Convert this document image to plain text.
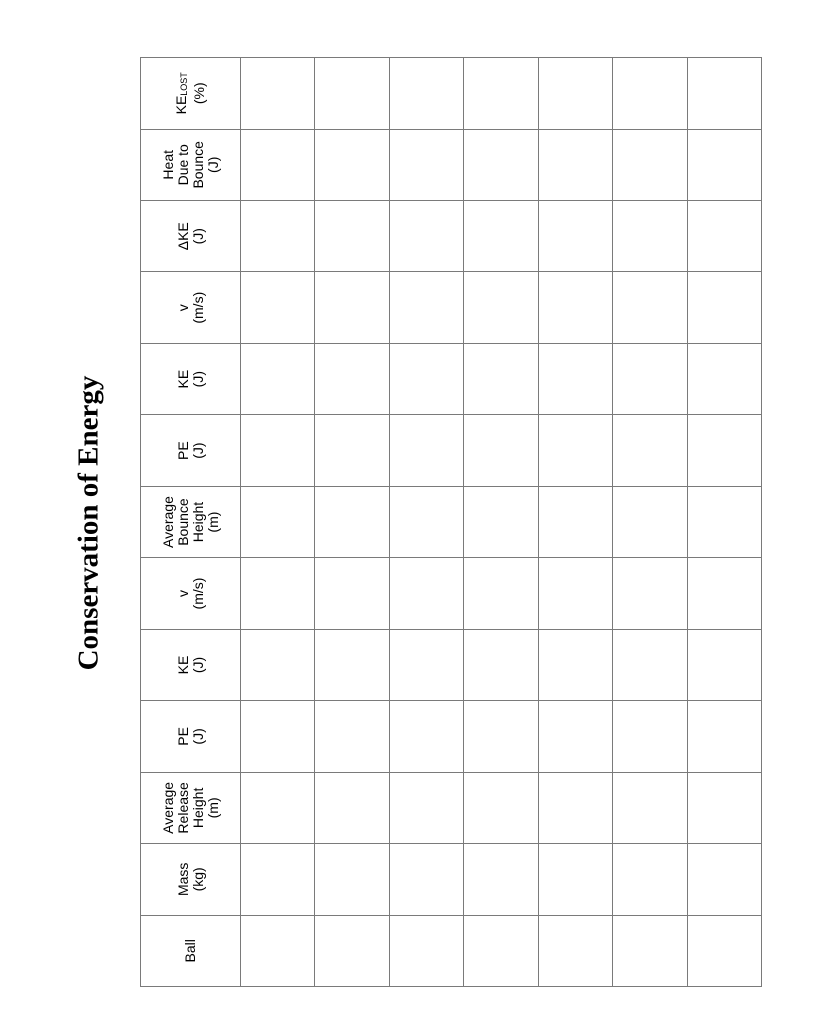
Conservation of Energy
Ball	Mass (kg)	Average Release Height (m)	PE (J)	KE (J)	v (m/s)	Average Bounce Height (m)	PE (J)	KE (J)	v (m/s)	ΔKE (J)	Heat Due to Bounce (J)	KELOST (%)
